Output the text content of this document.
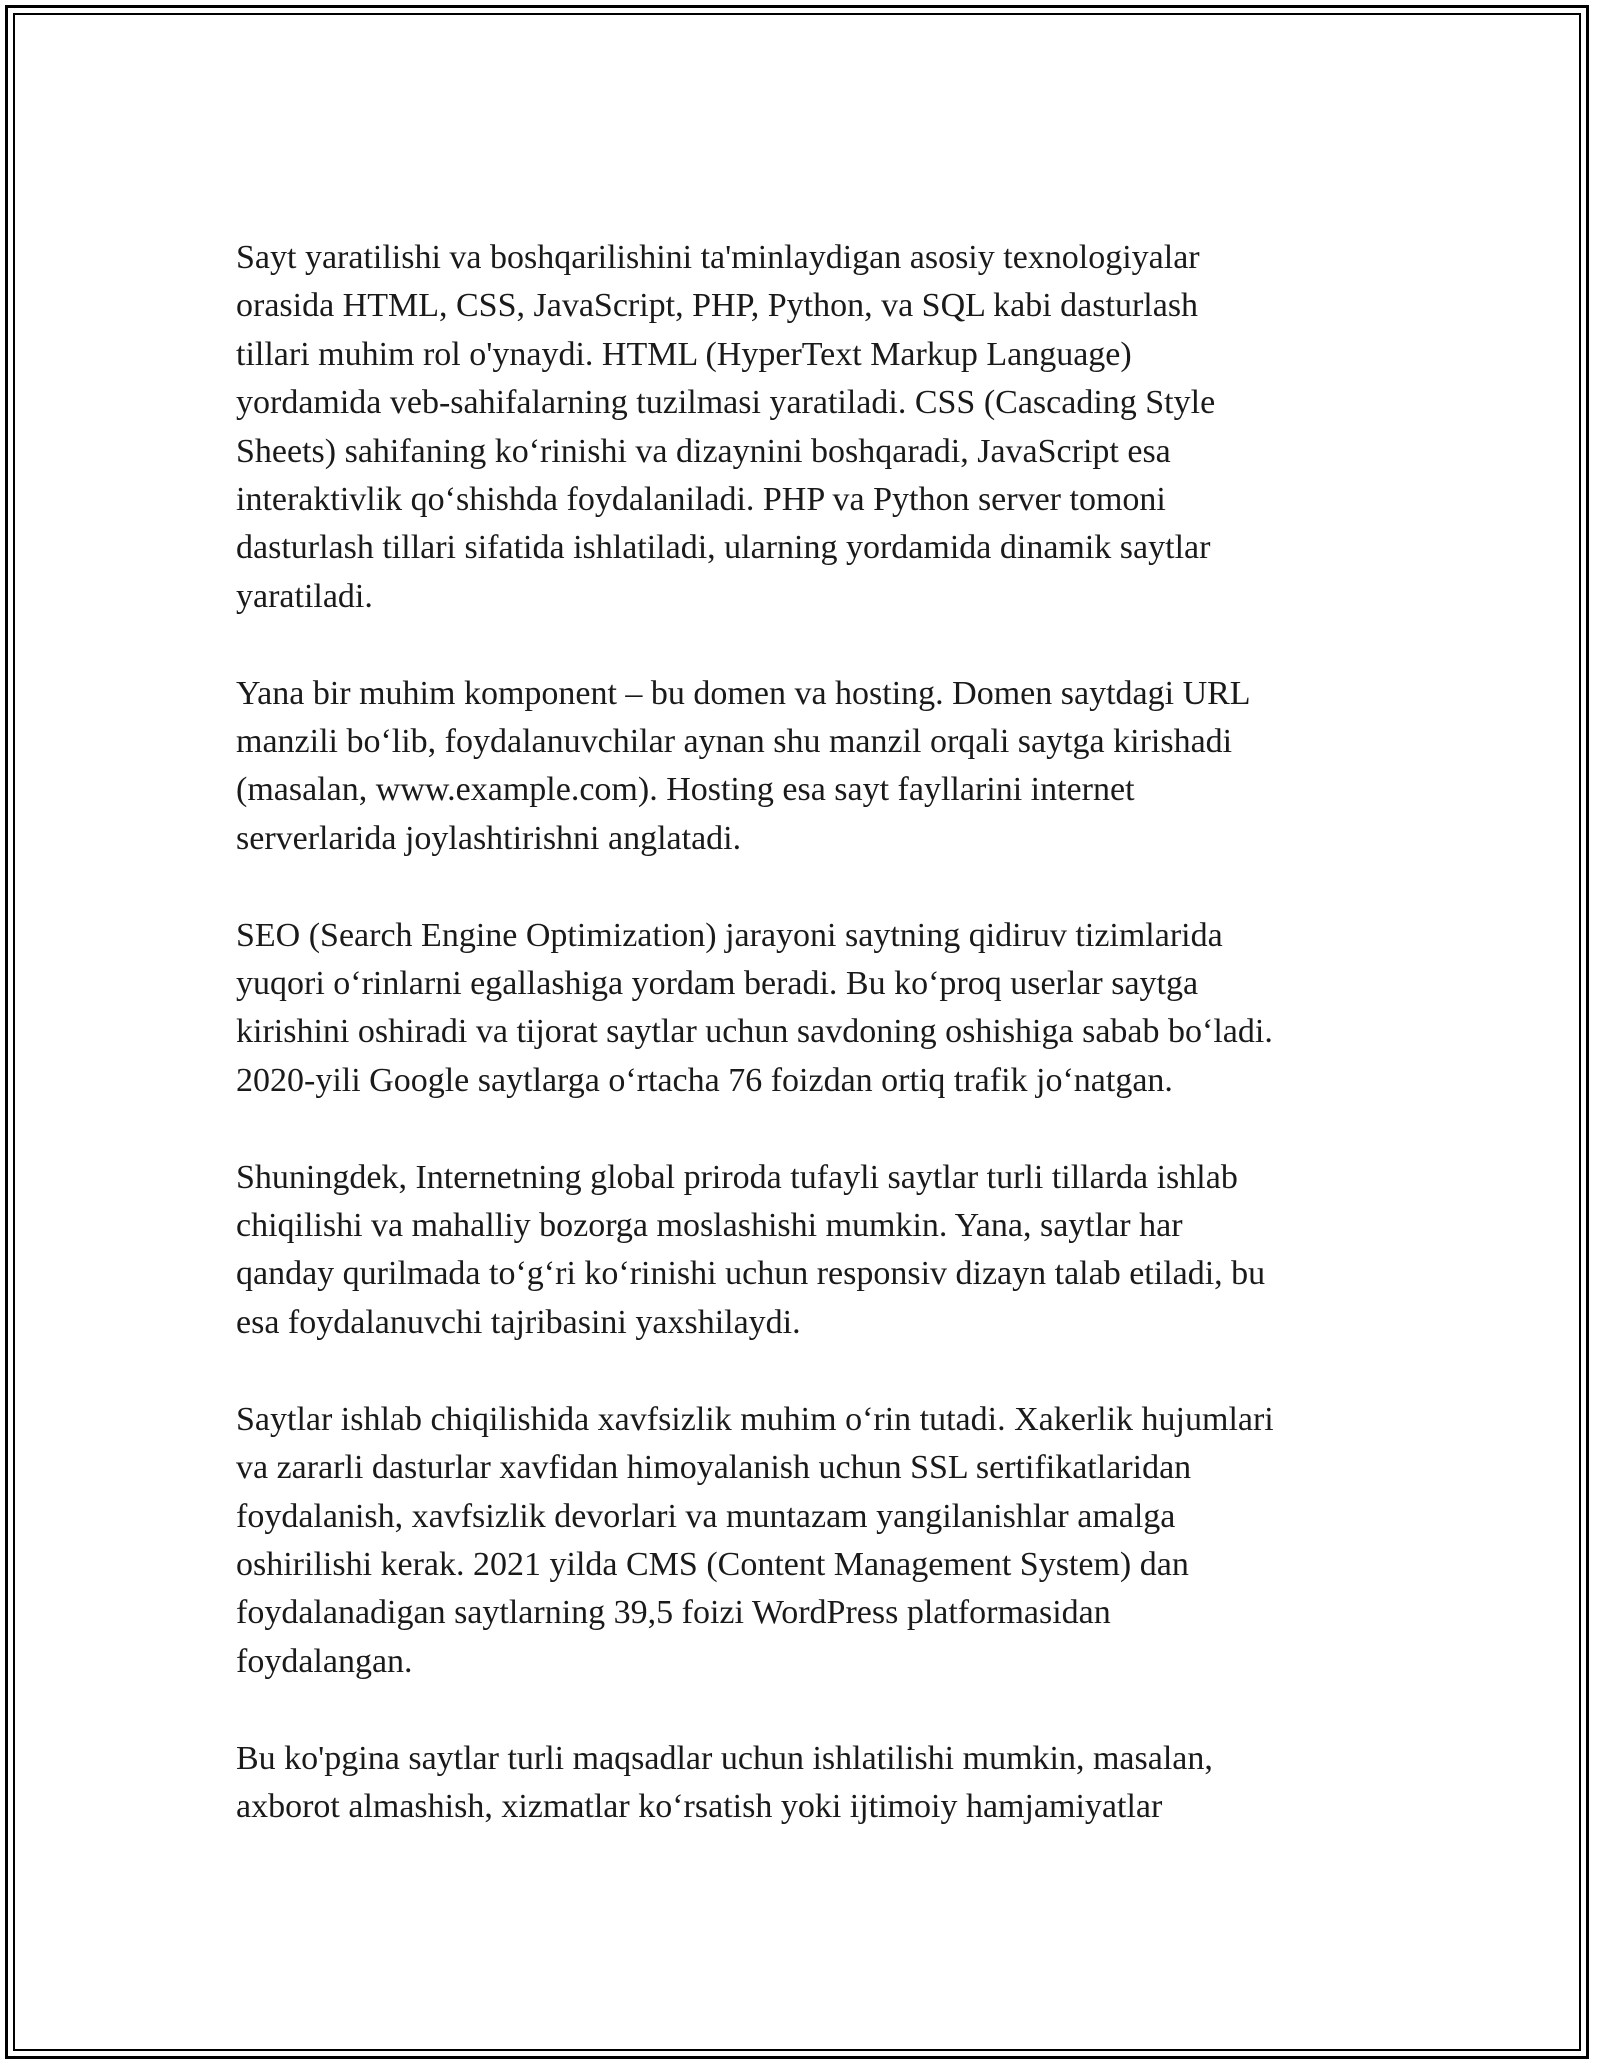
Sayt yaratilishi va boshqarilishini ta'minlaydigan asosiy texnologiyalar
orasida HTML, CSS, JavaScript, PHP, Python, va SQL kabi dasturlash
tillari muhim rol o'ynaydi. HTML (HyperText Markup Language)
yordamida veb-sahifalarning tuzilmasi yaratiladi. CSS (Cascading Style
Sheets) sahifaning koʻrinishi va dizaynini boshqaradi, JavaScript esa
interaktivlik qoʻshishda foydalaniladi. PHP va Python server tomoni
dasturlash tillari sifatida ishlatiladi, ularning yordamida dinamik saytlar
yaratiladi.

Yana bir muhim komponent – bu domen va hosting. Domen saytdagi URL
manzili boʻlib, foydalanuvchilar aynan shu manzil orqali saytga kirishadi
(masalan, www.example.com). Hosting esa sayt fayllarini internet
serverlarida joylashtirishni anglatadi.

SEO (Search Engine Optimization) jarayoni saytning qidiruv tizimlarida
yuqori oʻrinlarni egallashiga yordam beradi. Bu koʻproq userlar saytga
kirishini oshiradi va tijorat saytlar uchun savdoning oshishiga sabab boʻladi.
2020-yili Google saytlarga oʻrtacha 76 foizdan ortiq trafik joʻnatgan.

Shuningdek, Internetning global priroda tufayli saytlar turli tillarda ishlab
chiqilishi va mahalliy bozorga moslashishi mumkin. Yana, saytlar har
qanday qurilmada toʻgʻri koʻrinishi uchun responsiv dizayn talab etiladi, bu
esa foydalanuvchi tajribasini yaxshilaydi.

Saytlar ishlab chiqilishida xavfsizlik muhim oʻrin tutadi. Xakerlik hujumlari
va zararli dasturlar xavfidan himoyalanish uchun SSL sertifikatlaridan
foydalanish, xavfsizlik devorlari va muntazam yangilanishlar amalga
oshirilishi kerak. 2021 yilda CMS (Content Management System) dan
foydalanadigan saytlarning 39,5 foizi WordPress platformasidan
foydalangan.

Bu ko'pgina saytlar turli maqsadlar uchun ishlatilishi mumkin, masalan,
axborot almashish, xizmatlar koʻrsatish yoki ijtimoiy hamjamiyatlar
